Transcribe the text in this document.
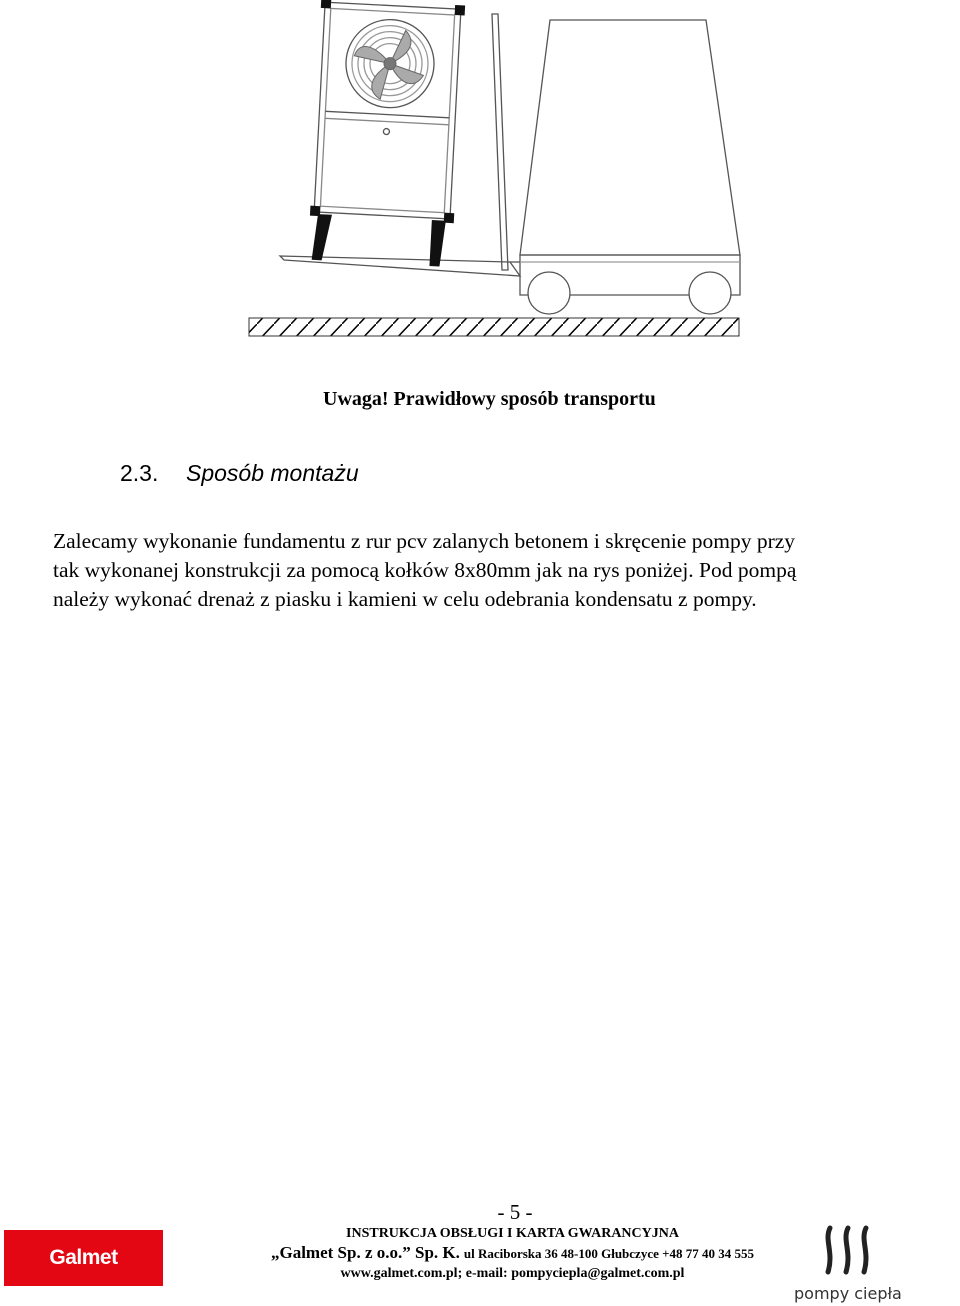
Uwaga! Prawidłowy sposób transportu
2.3. Sposób montażu
Zalecamy wykonanie fundamentu z rur pcv zalanych betonem i skręcenie pompy przy
tak wykonanej konstrukcji za pomocą kołków 8x80mm jak na rys poniżej. Pod pompą
należy wykonać drenaż z piasku i kamieni w celu odebrania kondensatu z pompy.
- 5 -
INSTRUKCJA OBSŁUGI I KARTA GWARANCYJNA
„Galmet Sp. z o.o.” Sp. K. ul Raciborska 36 48-100 Głubczyce +48 77 40 34 555
www.galmet.com.pl; e-mail: pompyciepla@galmet.com.pl
Galmet
pompy ciepła
